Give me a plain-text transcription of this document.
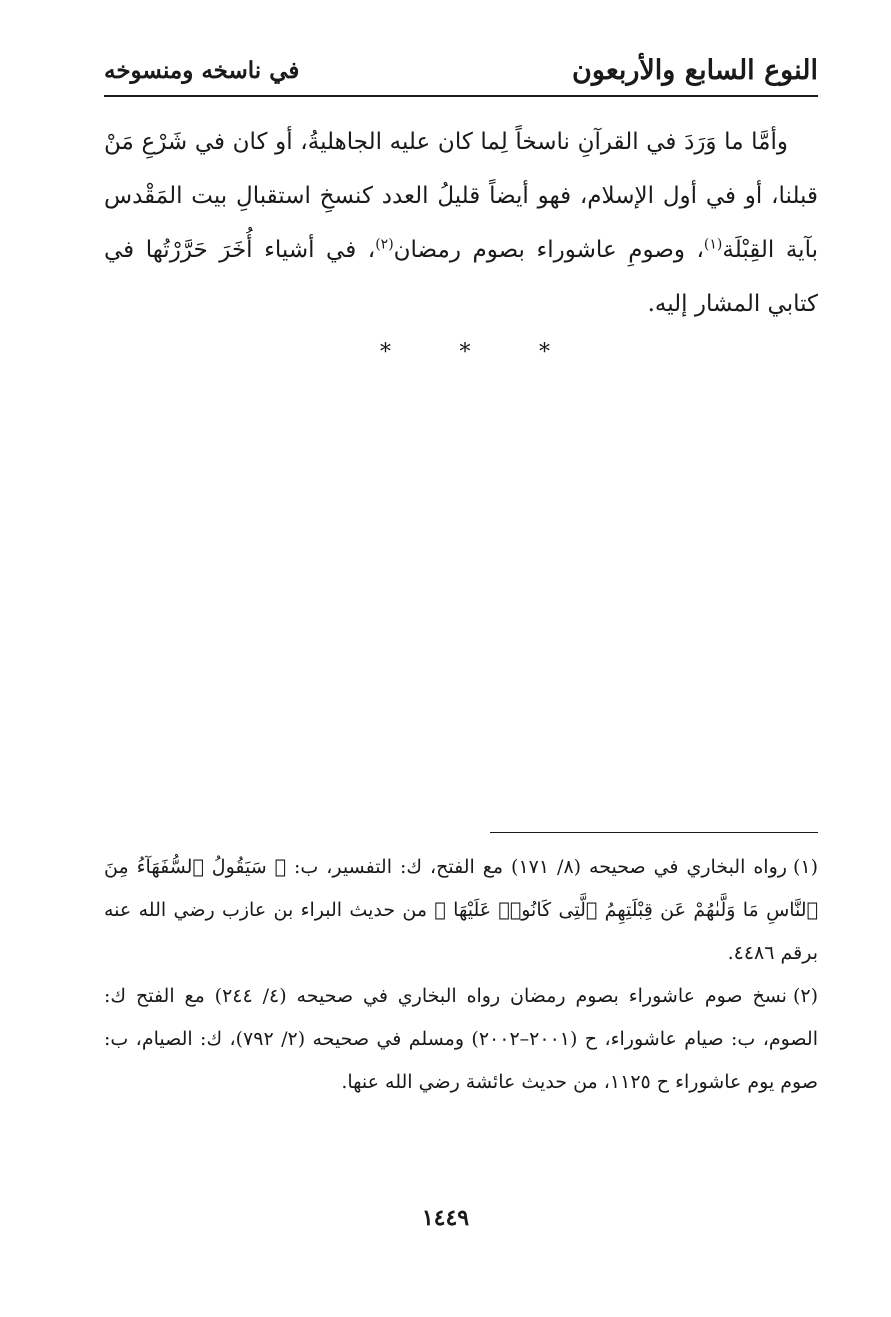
النوع السابع والأربعون
في ناسخه ومنسوخه

وأمَّا ما وَرَدَ في القرآنِ ناسخاً لِما كان عليه الجاهليةُ، أو كان في شَرْعِ مَنْ قبلنا، أو في أول الإسلام، فهو أيضاً قليلُ العدد كنسخِ استقبالِ بيت المَقْدس بآية القِبْلَة$^{(١)}$، وصومِ عاشوراء بصوم رمضان$^{(٢)}$، في أشياء أُخَرَ حَرَّرْتُها في كتابي المشار إليه.

*	*	*

(١)رواه البخاري في صحيحه (٨/ ١٧١) مع الفتح، ك: التفسير، ب: ﴿ سَيَقُولُ ٱلسُّفَهَآءُ مِنَ ٱلنَّاسِ مَا وَلَّىٰهُمْ عَن قِبْلَتِهِمُ ٱلَّتِى كَانُوا۟ عَلَيْهَا ﴾ من حديث البراء بن عازب رضي الله عنه برقم ٤٤٨٦.

(٢)نسخ صوم عاشوراء بصوم رمضان رواه البخاري في صحيحه (٤/ ٢٤٤) مع الفتح ك: الصوم، ب: صيام عاشوراء، ح (٢٠٠١–٢٠٠٢) ومسلم في صحيحه (٢/ ٧٩٢)، ك: الصيام، ب: صوم يوم عاشوراء ح ١١٢٥، من حديث عائشة رضي الله عنها.

١٤٤٩
